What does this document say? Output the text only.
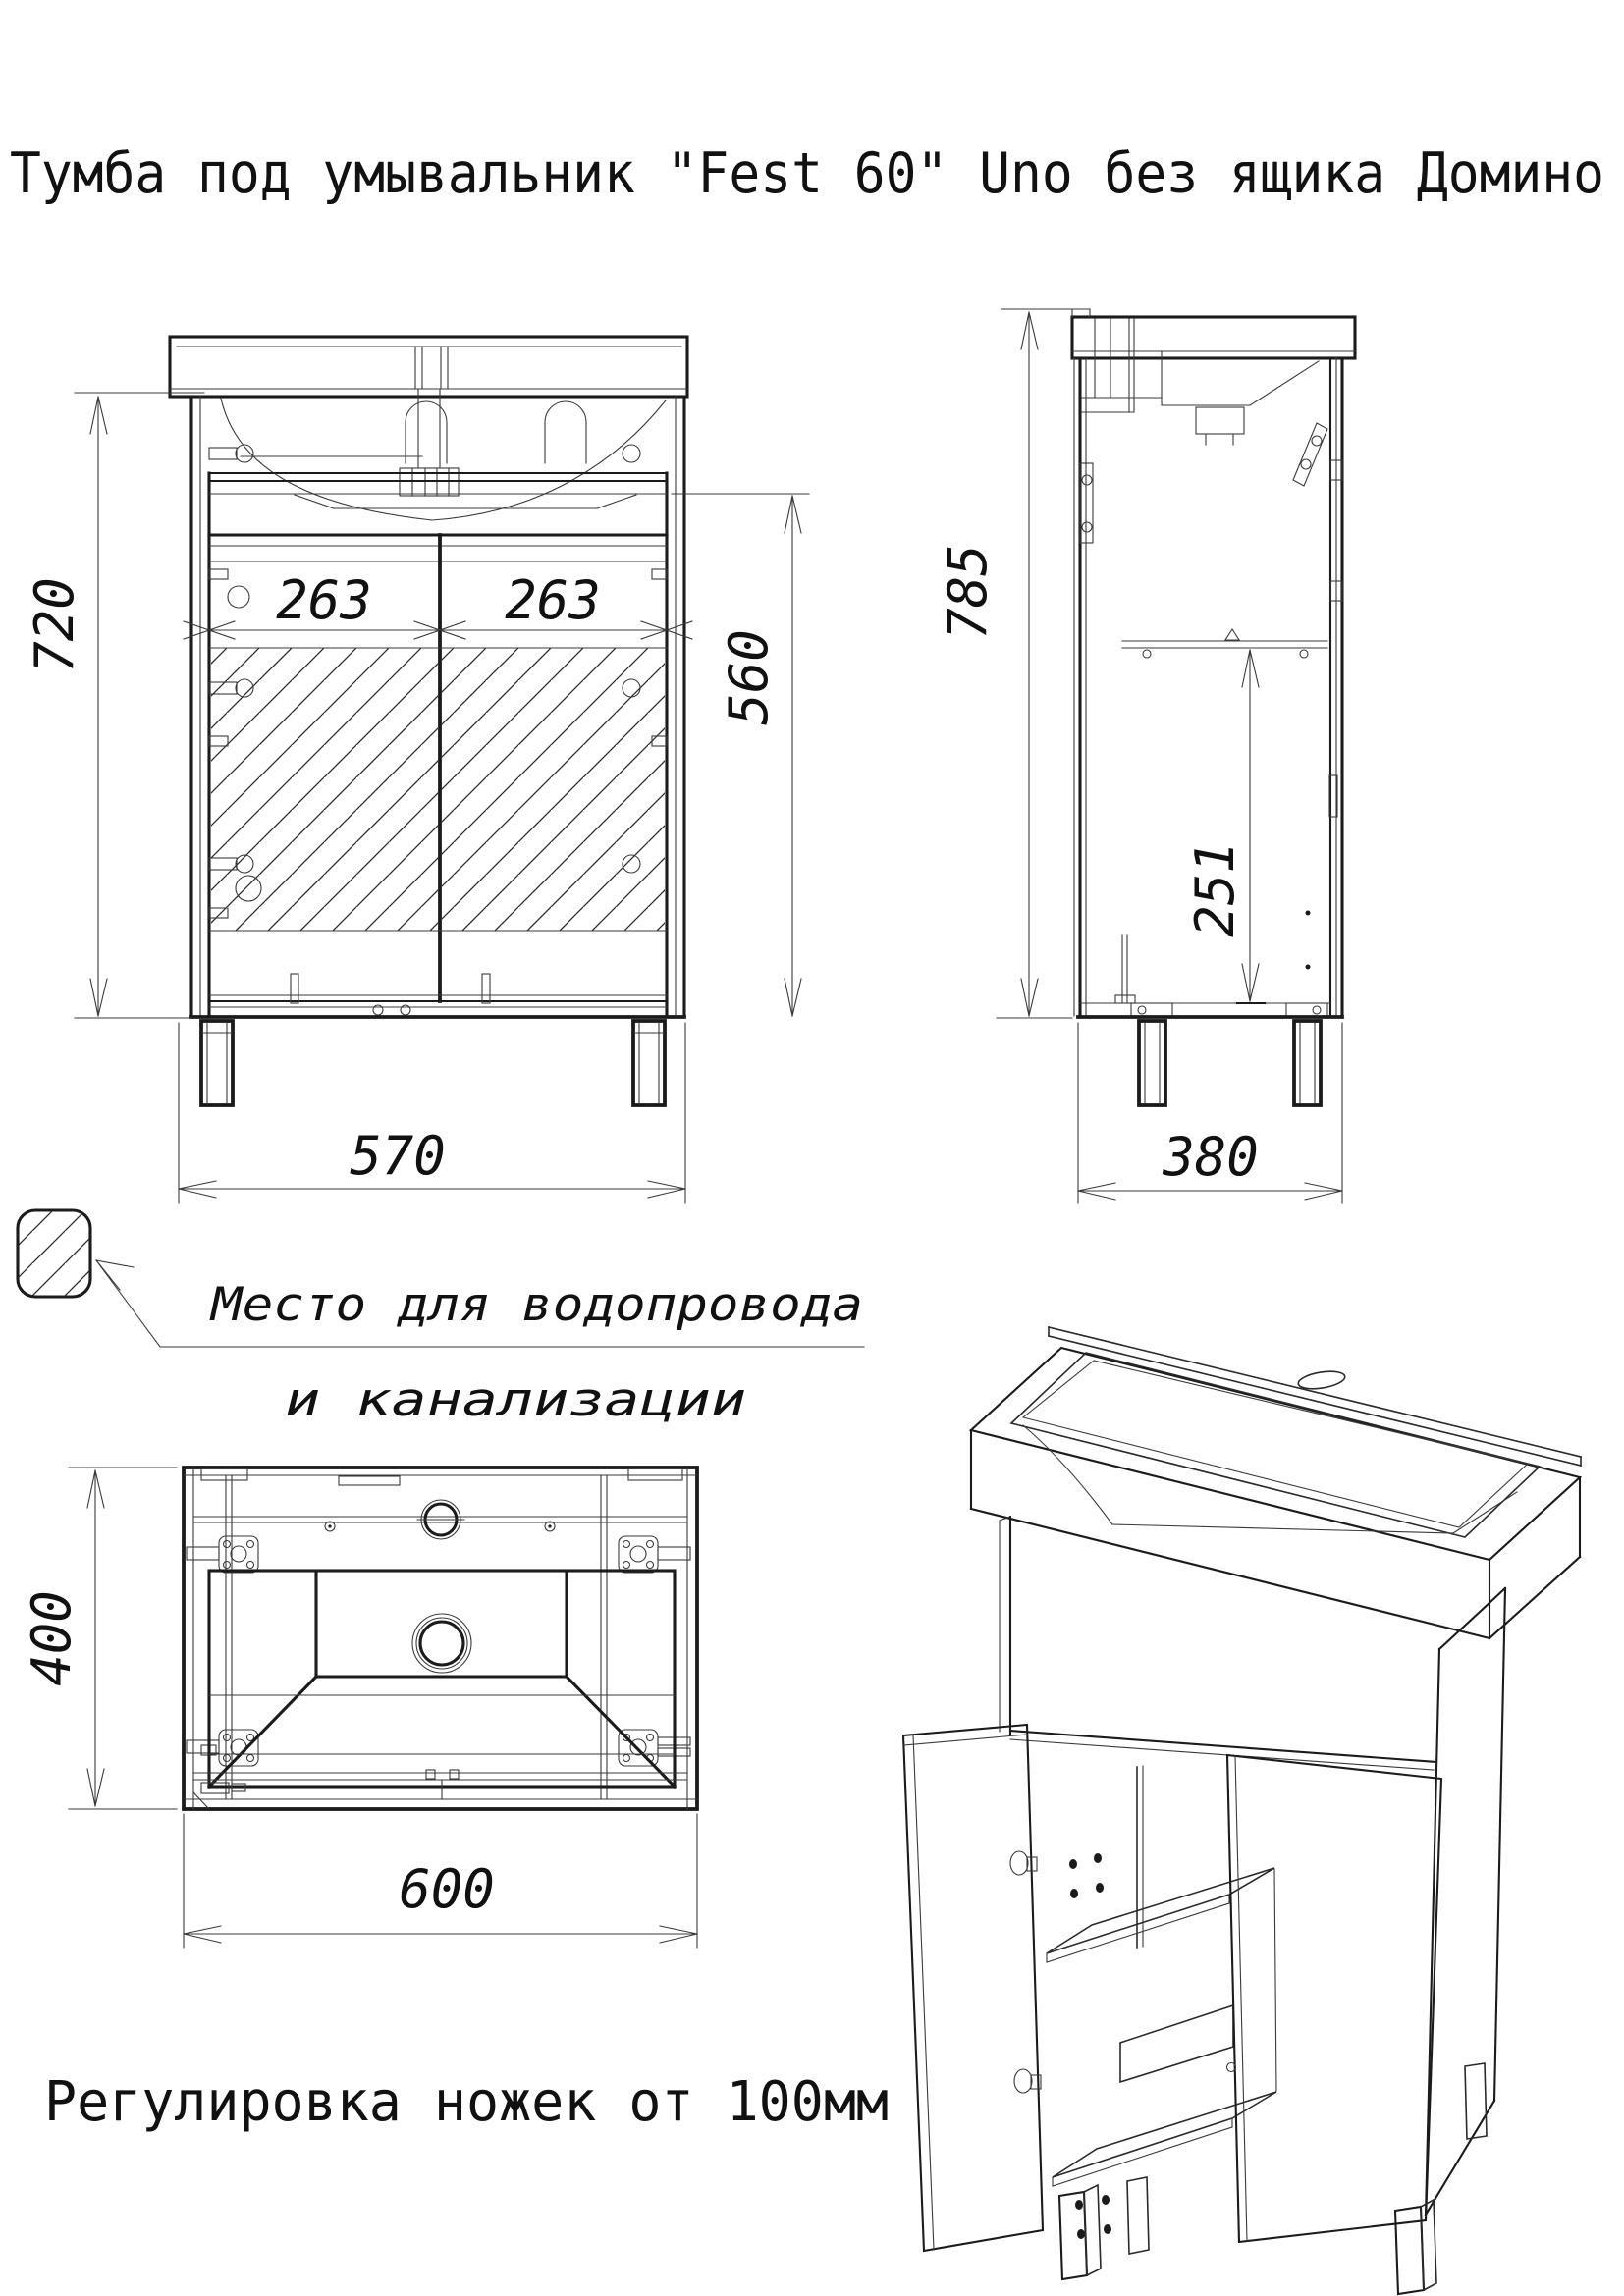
Тумба под умывальник "Fest 60" Uno без ящика Домино
263	263
720
560
570
785
251
380
Место для водопровода
и канализации
400
600
Регулировка ножек от 100мм
